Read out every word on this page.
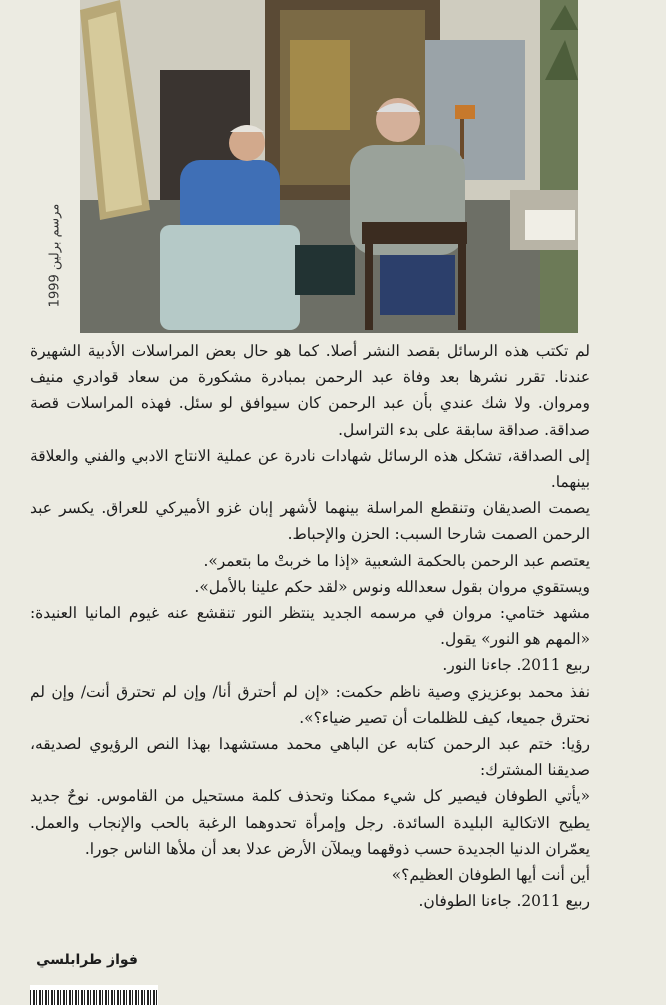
مرسم برلين 1999

لم تكتب هذه الرسائل بقصد النشر أصلا. كما هو حال بعض المراسلات الأدبية الشهيرة عندنا. تقرر نشرها بعد وفاة عبد الرحمن بمبادرة مشكورة من سعاد قوادري منيف ومروان. ولا شك عندي بأن عبد الرحمن كان سيوافق لو سئل. فهذه المراسلات قصة صداقة. صداقة سابقة على بدء التراسل.

إلى الصداقة، تشكل هذه الرسائل شهادات نادرة عن عملية الانتاج الادبي والفني والعلاقة بينهما.

يصمت الصديقان وتنقطع المراسلة بينهما لأشهر إبان غزو الأميركي للعراق. يكسر عبد الرحمن الصمت شارحا السبب: الحزن والإحباط.

يعتصم عبد الرحمن بالحكمة الشعبية «إذا ما خربتْ ما بتعمر».

ويستقوي مروان بقول سعدالله ونوس «لقد حكم علينا بالأمل».

مشهد ختامي: مروان في مرسمه الجديد ينتظر النور تنقشع عنه غيوم المانيا العنيدة: «المهم هو النور» يقول.

ربيع 2011. جاءنا النور.

نفذ محمد بوعزيزي وصية ناظم حكمت: «إن لم أحترق أنا/ وإن لم تحترق أنت/ وإن لم نحترق جميعا، كيف للظلمات أن تصير ضياء؟».

رؤيا: ختم عبد الرحمن كتابه عن الباهي محمد مستشهدا بهذا النص الرؤيوي لصديقه، صديقنا المشترك:

«يأتي الطوفان فيصير كل شيء ممكنا وتحذف كلمة مستحيل من القاموس. نوحٌ جديد يطيح الاتكالية البليدة السائدة. رجل وإمرأة تحدوهما الرغبة بالحب والإنجاب والعمل. يعمّران الدنيا الجديدة حسب ذوقهما ويملآن الأرض عدلا بعد أن ملأها الناس جورا.

أين أنت أيها الطوفان العظيم؟»

ربيع 2011. جاءنا الطوفان.

فواز طرابلسي
